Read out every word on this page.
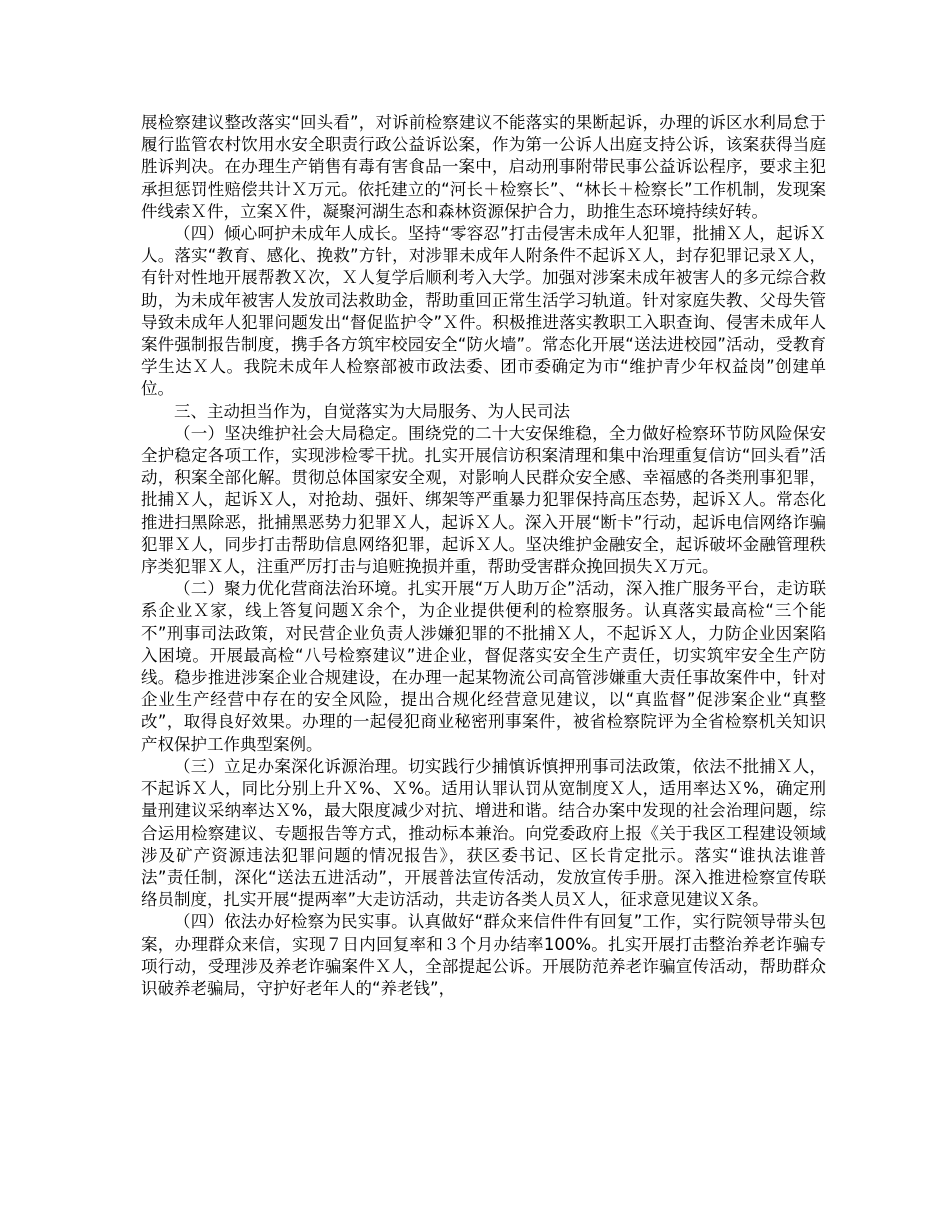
展检察建议整改落实“回头看”，对诉前检察建议不能落实的果断起诉，办理的诉区水利局怠于履行监管农村饮用水安全职责行政公益诉讼案，作为第一公诉人出庭支持公诉，该案获得当庭胜诉判决。在办理生产销售有毒有害食品一案中，启动刑事附带民事公益诉讼程序，要求主犯承担惩罚性赔偿共计Ｘ万元。依托建立的“河长＋检察长”、“林长＋检察长”工作机制，发现案件线索Ｘ件，立案Ｘ件，凝聚河湖生态和森林资源保护合力，助推生态环境持续好转。

（四）倾心呵护未成年人成长。坚持“零容忍”打击侵害未成年人犯罪，批捕Ｘ人，起诉Ｘ人。落实“教育、感化、挽救”方针，对涉罪未成年人附条件不起诉Ｘ人，封存犯罪记录Ｘ人，有针对性地开展帮教Ｘ次，Ｘ人复学后顺利考入大学。加强对涉案未成年被害人的多元综合救助，为未成年被害人发放司法救助金，帮助重回正常生活学习轨道。针对家庭失教、父母失管导致未成年人犯罪问题发出“督促监护令”Ｘ件。积极推进落实教职工入职查询、侵害未成年人案件强制报告制度，携手各方筑牢校园安全“防火墙”。常态化开展“送法进校园”活动，受教育学生达Ｘ人。我院未成年人检察部被市政法委、团市委确定为市“维护青少年权益岗”创建单位。

三、主动担当作为，自觉落实为大局服务、为人民司法

（一）坚决维护社会大局稳定。围绕党的二十大安保维稳，全力做好检察环节防风险保安全护稳定各项工作，实现涉检零干扰。扎实开展信访积案清理和集中治理重复信访“回头看”活动，积案全部化解。贯彻总体国家安全观，对影响人民群众安全感、幸福感的各类刑事犯罪，批捕Ｘ人，起诉Ｘ人，对抢劫、强奸、绑架等严重暴力犯罪保持高压态势，起诉Ｘ人。常态化推进扫黑除恶，批捕黑恶势力犯罪Ｘ人，起诉Ｘ人。深入开展“断卡”行动，起诉电信网络诈骗犯罪Ｘ人，同步打击帮助信息网络犯罪，起诉Ｘ人。坚决维护金融安全，起诉破坏金融管理秩序类犯罪Ｘ人，注重严厉打击与追赃挽损并重，帮助受害群众挽回损失Ｘ万元。

（二）聚力优化营商法治环境。扎实开展“万人助万企”活动，深入推广服务平台，走访联系企业Ｘ家，线上答复问题Ｘ余个，为企业提供便利的检察服务。认真落实最高检“三个能不”刑事司法政策，对民营企业负责人涉嫌犯罪的不批捕Ｘ人，不起诉Ｘ人，力防企业因案陷入困境。开展最高检“八号检察建议”进企业，督促落实安全生产责任，切实筑牢安全生产防线。稳步推进涉案企业合规建设，在办理一起某物流公司高管涉嫌重大责任事故案件中，针对企业生产经营中存在的安全风险，提出合规化经营意见建议，以“真监督”促涉案企业“真整改”，取得良好效果。办理的一起侵犯商业秘密刑事案件，被省检察院评为全省检察机关知识产权保护工作典型案例。

（三）立足办案深化诉源治理。切实践行少捕慎诉慎押刑事司法政策，依法不批捕Ｘ人，不起诉Ｘ人，同比分别上升Ｘ%、Ｘ%。适用认罪认罚从宽制度Ｘ人，适用率达Ｘ%，确定刑量刑建议采纳率达Ｘ%，最大限度减少对抗、增进和谐。结合办案中发现的社会治理问题，综合运用检察建议、专题报告等方式，推动标本兼治。向党委政府上报《关于我区工程建设领域涉及矿产资源违法犯罪问题的情况报告》，获区委书记、区长肯定批示。落实“谁执法谁普法”责任制，深化“送法五进活动”，开展普法宣传活动，发放宣传手册。深入推进检察宣传联络员制度，扎实开展“提两率”大走访活动，共走访各类人员Ｘ人，征求意见建议Ｘ条。

（四）依法办好检察为民实事。认真做好“群众来信件件有回复”工作，实行院领导带头包案，办理群众来信，实现７日内回复率和３个月办结率100%。扎实开展打击整治养老诈骗专项行动，受理涉及养老诈骗案件Ｘ人，全部提起公诉。开展防范养老诈骗宣传活动，帮助群众识破养老骗局，守护好老年人的“养老钱”，
